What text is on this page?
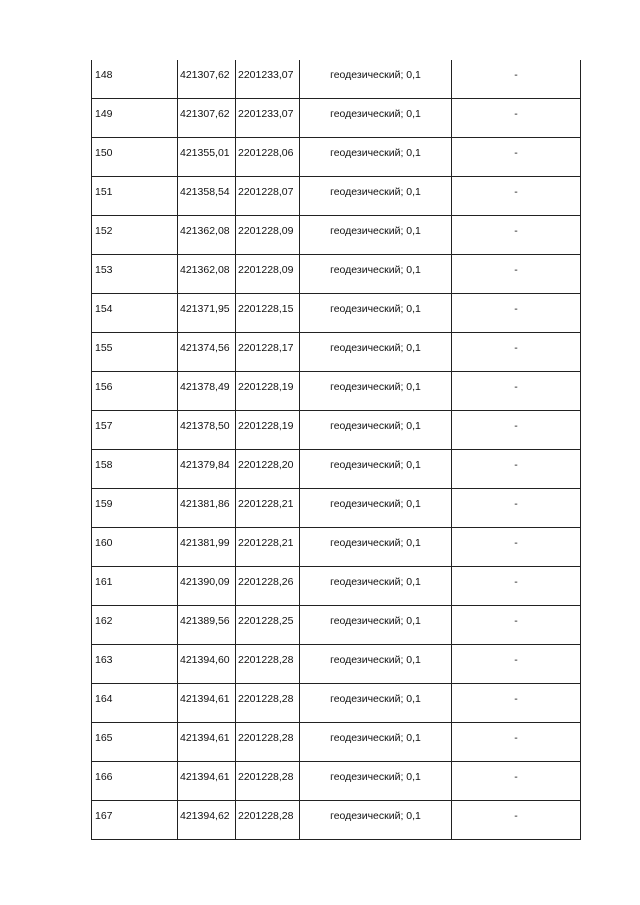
148	421307,62	2201233,07	геодезический; 0,1	-

149	421307,62	2201233,07	геодезический; 0,1	-

150	421355,01	2201228,06	геодезический; 0,1	-

151	421358,54	2201228,07	геодезический; 0,1	-

152	421362,08	2201228,09	геодезический; 0,1	-

153	421362,08	2201228,09	геодезический; 0,1	-

154	421371,95	2201228,15	геодезический; 0,1	-

155	421374,56	2201228,17	геодезический; 0,1	-

156	421378,49	2201228,19	геодезический; 0,1	-

157	421378,50	2201228,19	геодезический; 0,1	-

158	421379,84	2201228,20	геодезический; 0,1	-

159	421381,86	2201228,21	геодезический; 0,1	-

160	421381,99	2201228,21	геодезический; 0,1	-

161	421390,09	2201228,26	геодезический; 0,1	-

162	421389,56	2201228,25	геодезический; 0,1	-

163	421394,60	2201228,28	геодезический; 0,1	-

164	421394,61	2201228,28	геодезический; 0,1	-

165	421394,61	2201228,28	геодезический; 0,1	-

166	421394,61	2201228,28	геодезический; 0,1	-

167	421394,62	2201228,28	геодезический; 0,1	-
